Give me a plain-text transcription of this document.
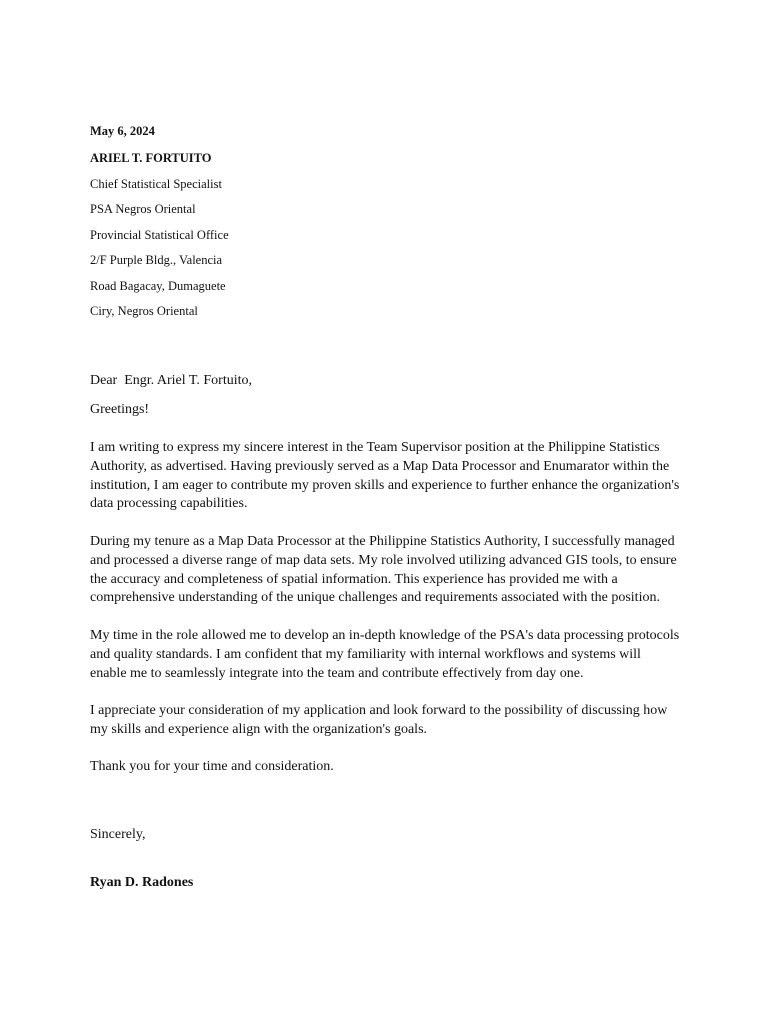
May 6, 2024
ARIEL T. FORTUITO
Chief Statistical Specialist
PSA Negros Oriental
Provincial Statistical Office
2/F Purple Bldg., Valencia
Road Bagacay, Dumaguete
Ciry, Negros Oriental
Dear  Engr. Ariel T. Fortuito,
Greetings!

I am writing to express my sincere interest in the Team Supervisor position at the Philippine Statistics Authority, as advertised. Having previously served as a Map Data Processor and Enumarator within the institution, I am eager to contribute my proven skills and experience to further enhance the organization's data processing capabilities.

During my tenure as a Map Data Processor at the Philippine Statistics Authority, I successfully managed and processed a diverse range of map data sets. My role involved utilizing advanced GIS tools, to ensure the accuracy and completeness of spatial information. This experience has provided me with a comprehensive understanding of the unique challenges and requirements associated with the position.

My time in the role allowed me to develop an in-depth knowledge of the PSA's data processing protocols and quality standards. I am confident that my familiarity with internal workflows and systems will enable me to seamlessly integrate into the team and contribute effectively from day one.

I appreciate your consideration of my application and look forward to the possibility of discussing how my skills and experience align with the organization's goals.

Thank you for your time and consideration.

Sincerely,
Ryan D. Radones
